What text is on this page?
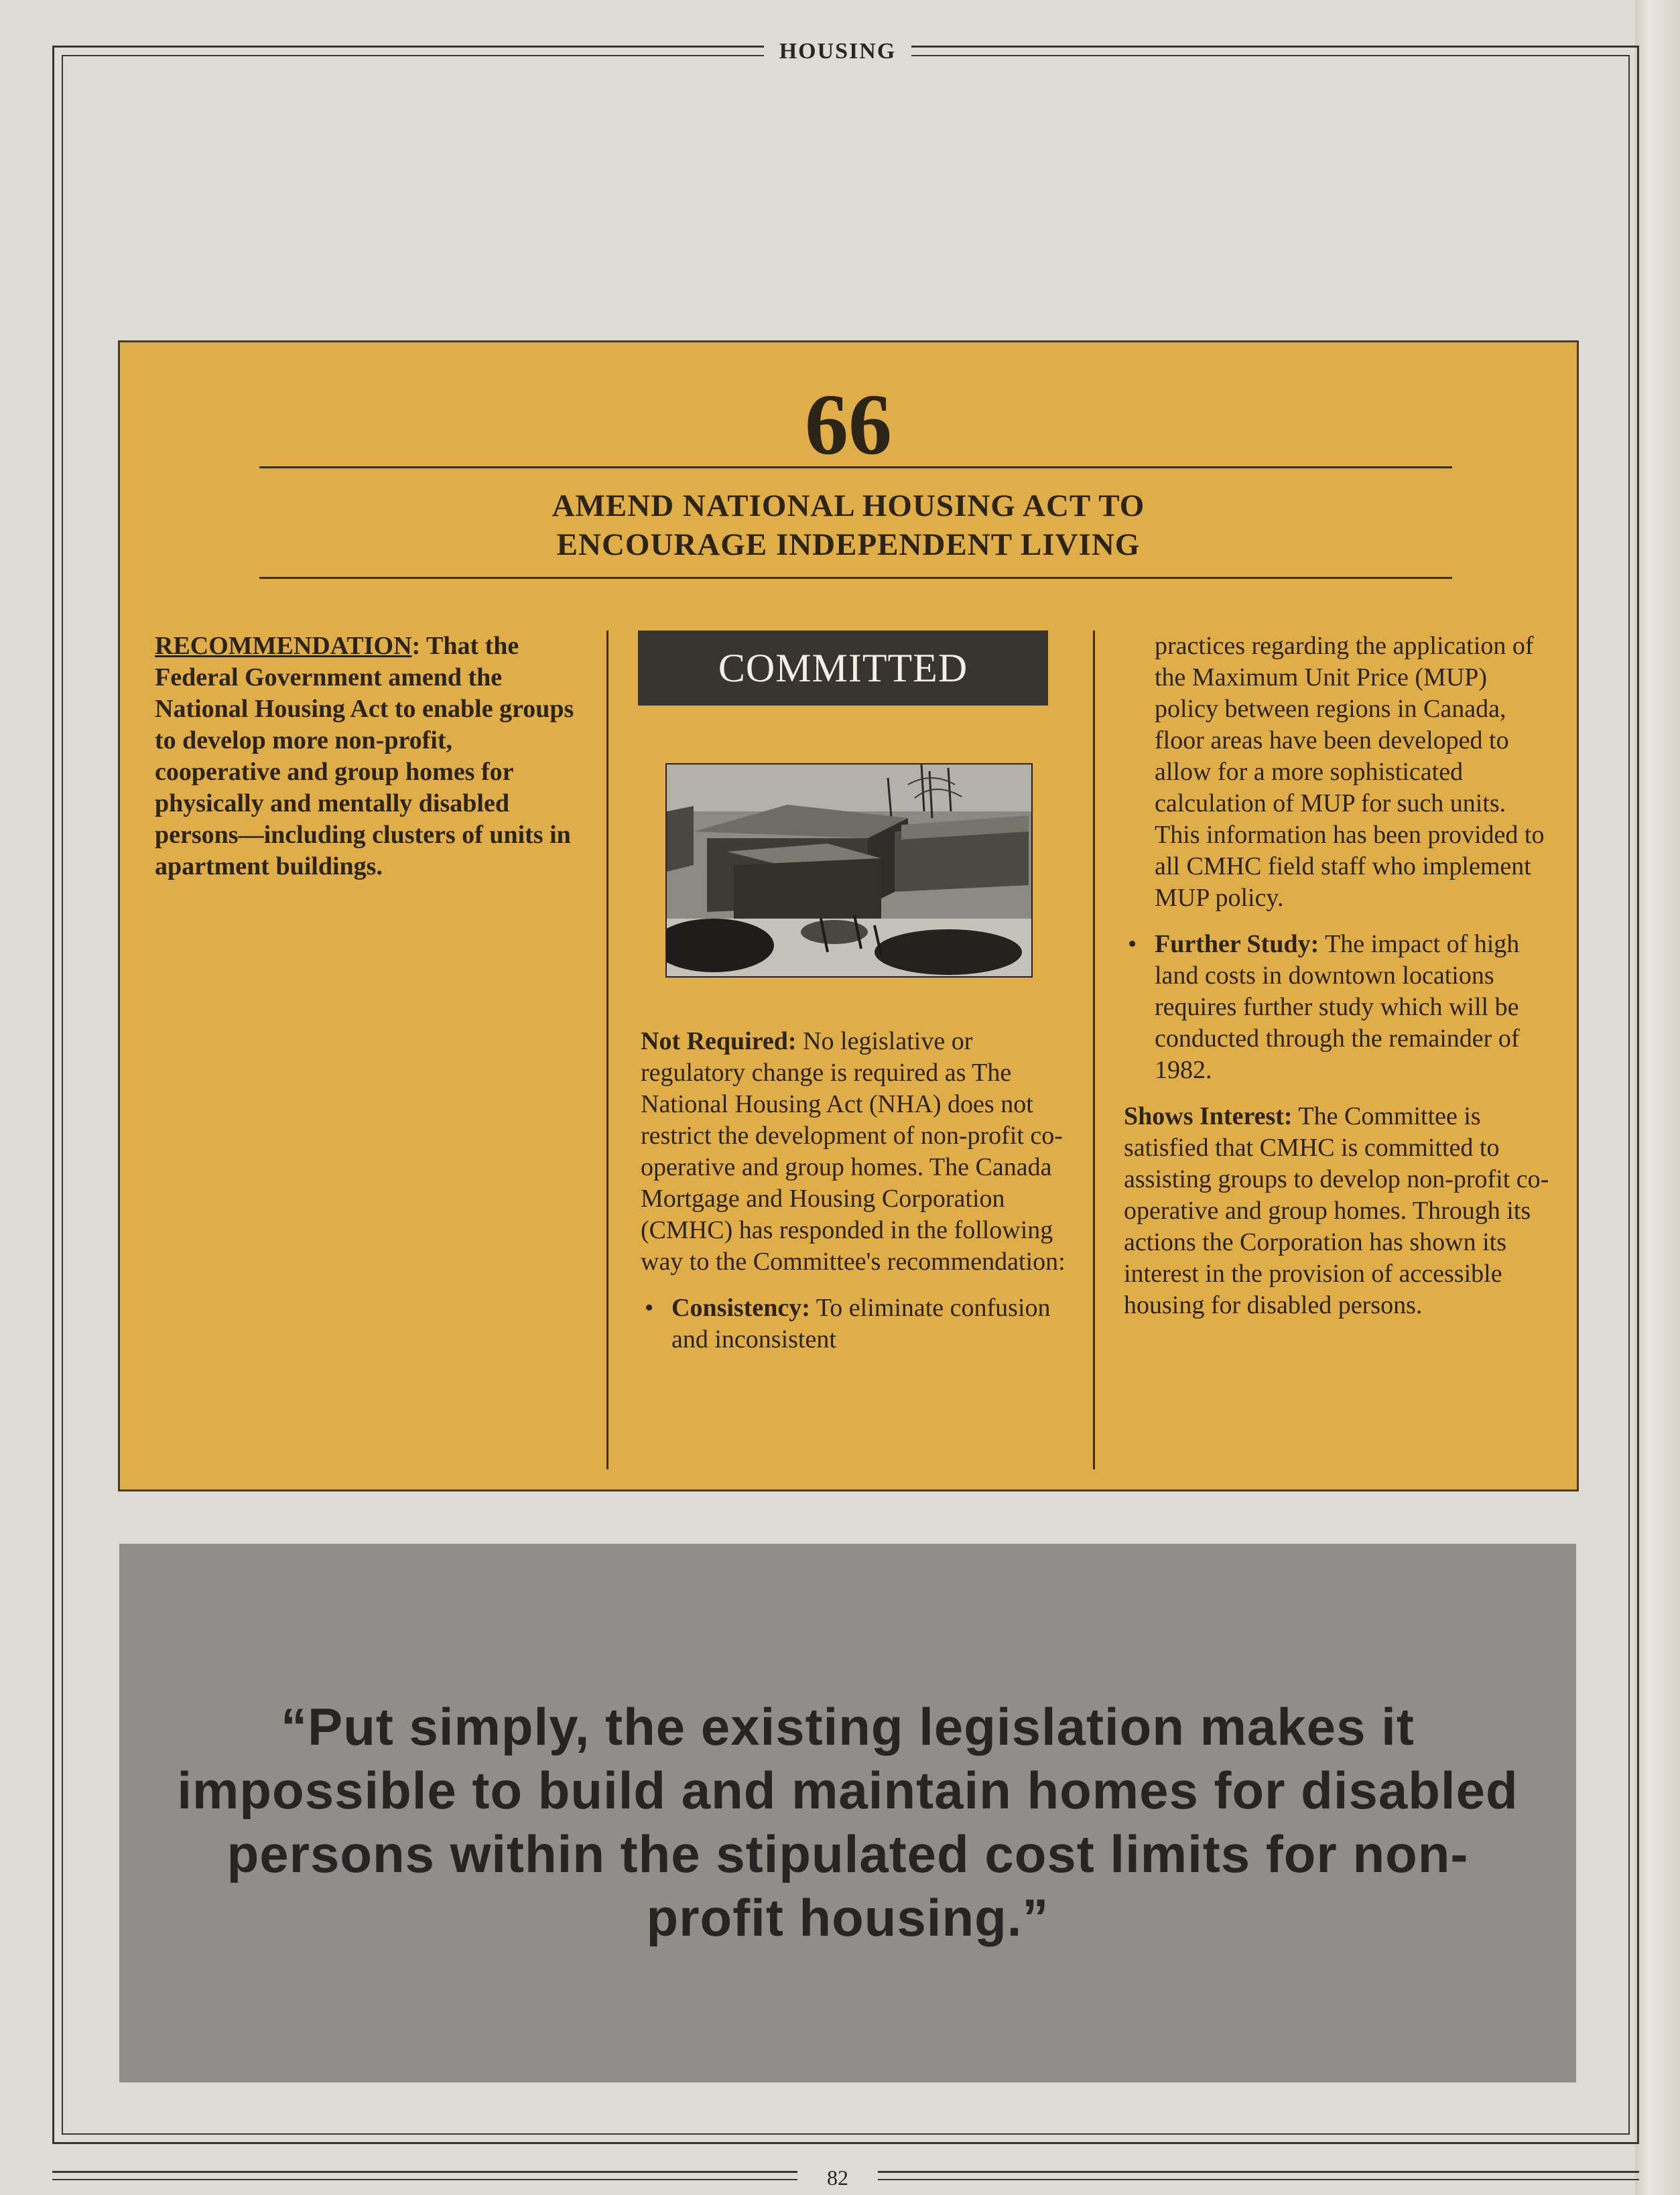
HOUSING
66
AMEND NATIONAL HOUSING ACT TO
ENCOURAGE INDEPENDENT LIVING
RECOMMENDATION: That the Federal Government amend the National Housing Act to enable groups to develop more non-profit, cooperative and group homes for physically and mentally disabled persons—including clusters of units in apartment buildings.
COMMITTED

Not Required: No legislative or regulatory change is required as The National Housing Act (NHA) does not restrict the development of non-profit co-operative and group homes. The Canada Mortgage and Housing Corporation (CMHC) has responded in the following way to the Committee's recommendation:

• Consistency: To eliminate confusion and inconsistent
practices regarding the application of the Maximum Unit Price (MUP) policy between regions in Canada, floor areas have been developed to allow for a more sophisticated calculation of MUP for such units. This information has been provided to all CMHC field staff who implement MUP policy.
• Further Study: The impact of high land costs in downtown locations requires further study which will be conducted through the remainder of 1982.

Shows Interest: The Committee is satisfied that CMHC is committed to assisting groups to develop non-profit co-operative and group homes. Through its actions the Corporation has shown its interest in the provision of accessible housing for disabled persons.

“Put simply, the existing legislation makes it impossible to build and maintain homes for disabled persons within the stipulated cost limits for non-profit housing.”
82
